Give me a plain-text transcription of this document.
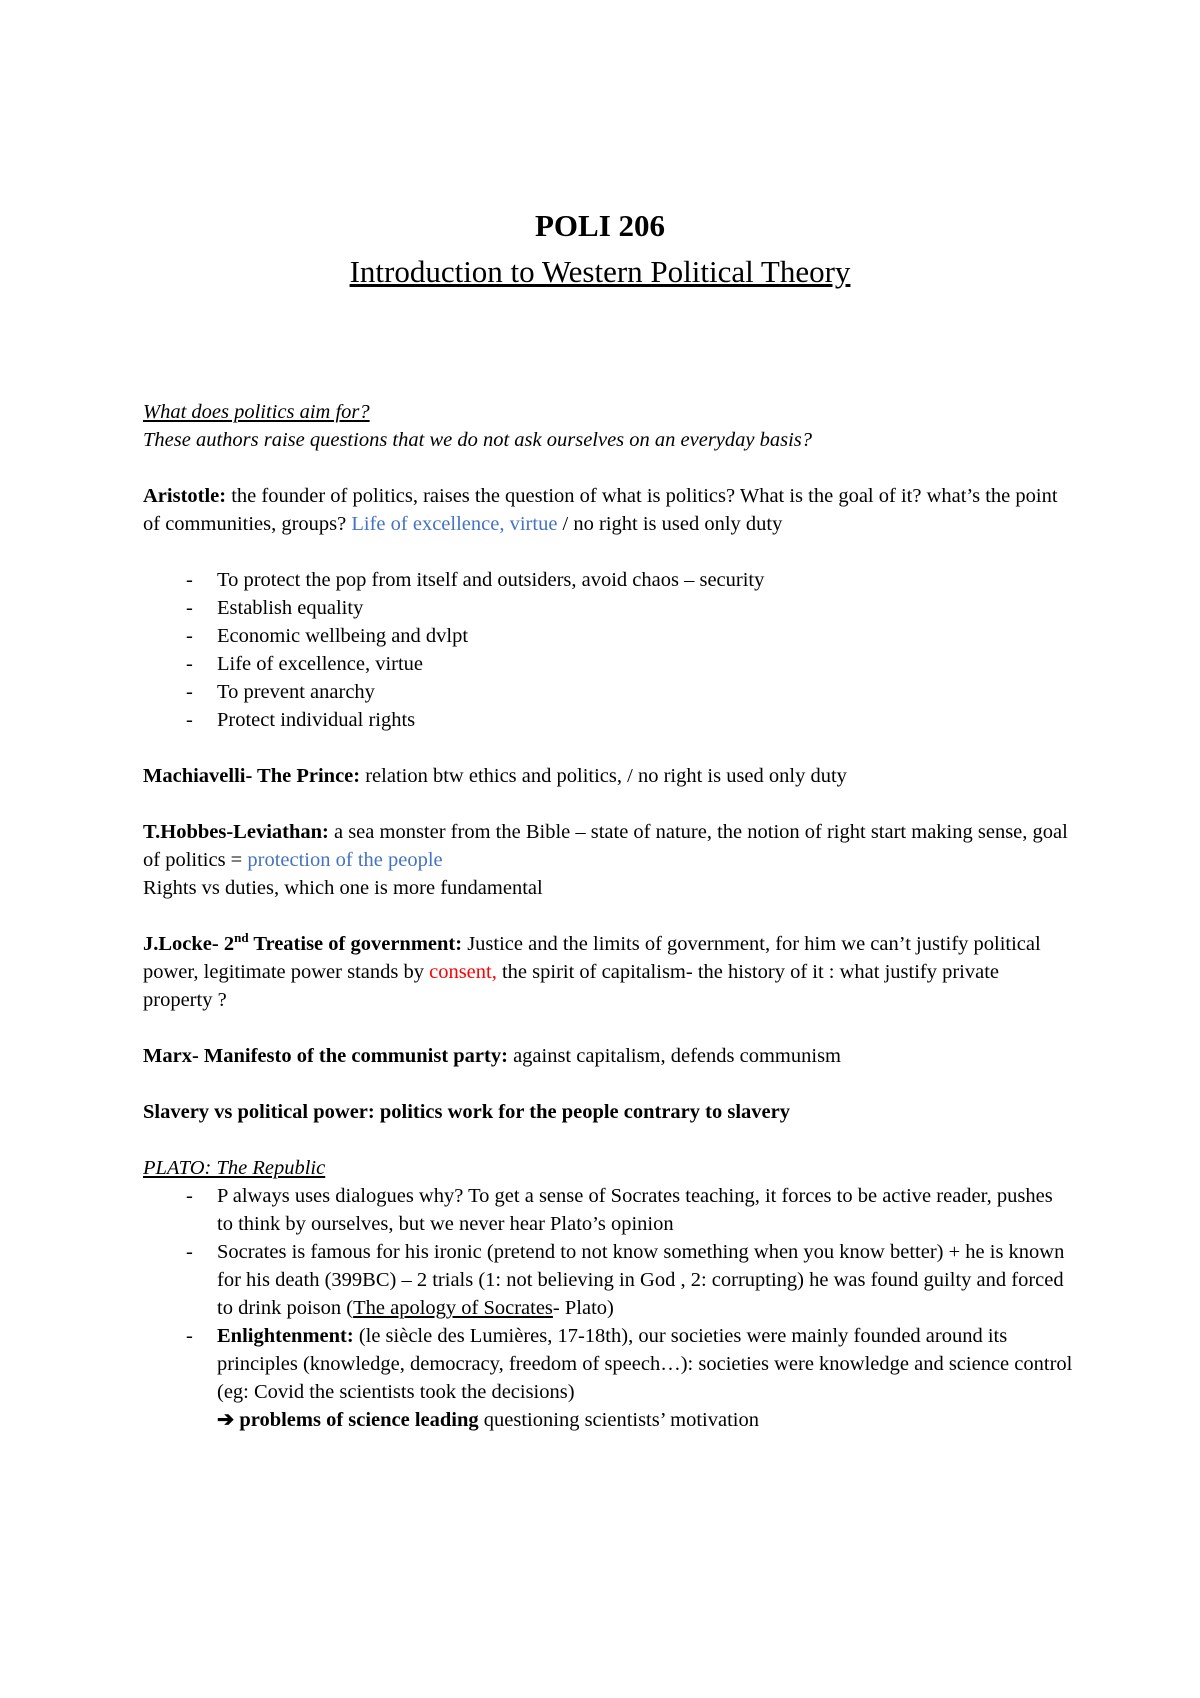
POLI 206
Introduction to Western Political Theory

What does politics aim for?

These authors raise questions that we do not ask ourselves on an everyday basis?

Aristotle: the founder of politics, raises the question of what is politics? What is the goal of it? what’s the point of communities, groups? Life of excellence, virtue / no right is used only duty

- To protect the pop from itself and outsiders, avoid chaos – security
- Establish equality
- Economic wellbeing and dvlpt
- Life of excellence, virtue
- To prevent anarchy
- Protect individual rights

Machiavelli- The Prince: relation btw ethics and politics, / no right is used only duty

T.Hobbes-Leviathan: a sea monster from the Bible – state of nature, the notion of right start making sense, goal of politics = protection of the people

Rights vs duties, which one is more fundamental

J.Locke- 2nd Treatise of government: Justice and the limits of government, for him we can’t justify political power, legitimate power stands by consent, the spirit of capitalism- the history of it : what justify private property ?

Marx- Manifesto of the communist party: against capitalism, defends communism

Slavery vs political power: politics work for the people contrary to slavery

PLATO: The Republic

- P always uses dialogues why? To get a sense of Socrates teaching, it forces to be active reader, pushes to think by ourselves, but we never hear Plato’s opinion
- Socrates is famous for his ironic (pretend to not know something when you know better) + he is known for his death (399BC) – 2 trials (1: not believing in God , 2: corrupting) he was found guilty and forced to drink poison (The apology of Socrates- Plato)
- Enlightenment: (le siècle des Lumières, 17-18th), our societies were mainly founded around its principles (knowledge, democracy, freedom of speech…): societies were knowledge and science control (eg: Covid the scientists took the decisions)
➔ problems of science leading questioning scientists’ motivation
